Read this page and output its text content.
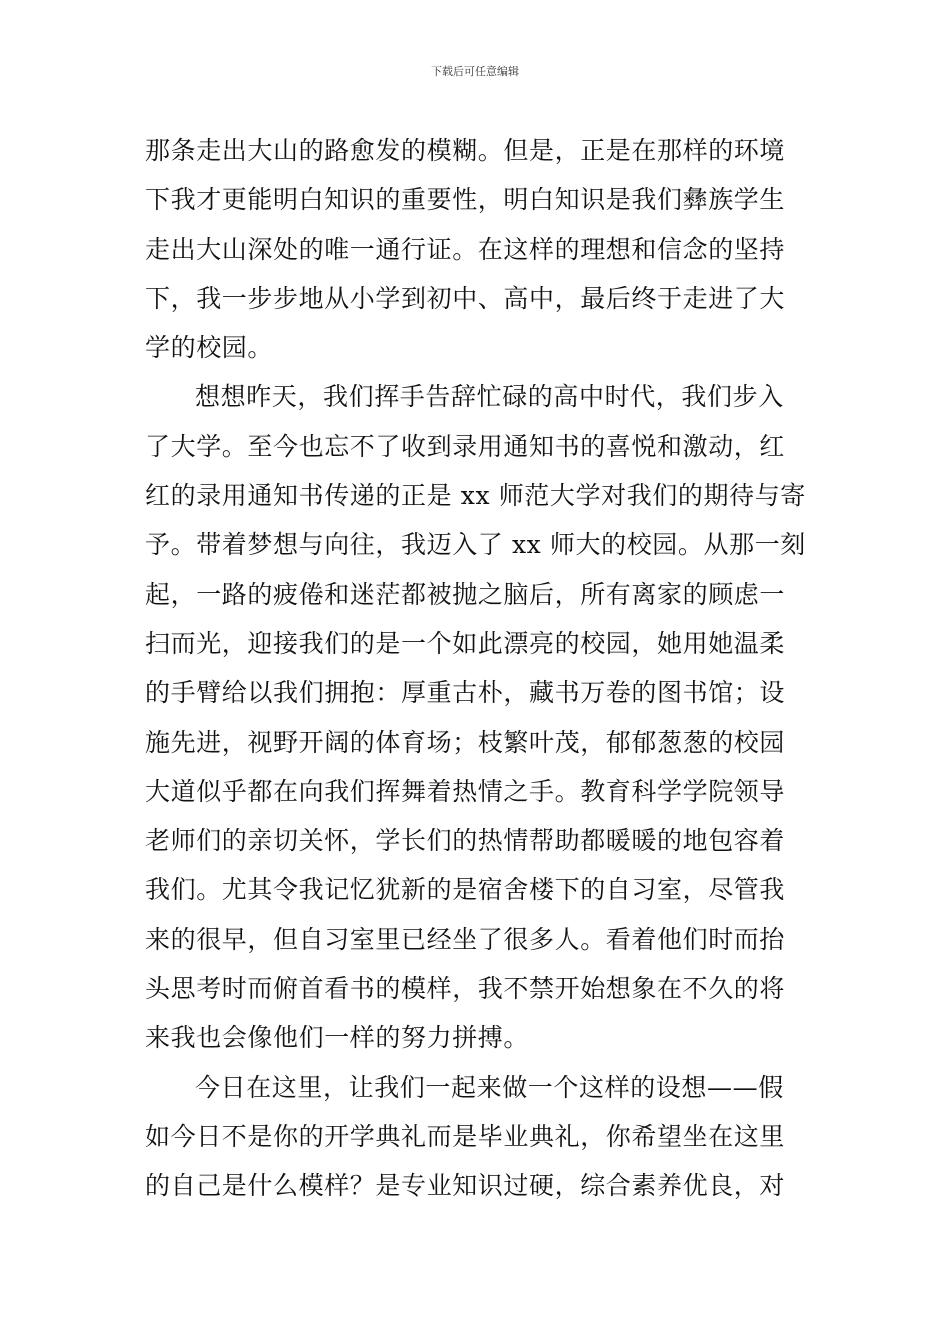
下载后可任意编辑
那条走出大山的路愈发的模糊。但是，正是在那样的环境
下我才更能明白知识的重要性，明白知识是我们彝族学生
走出大山深处的唯一通行证。在这样的理想和信念的坚持
下，我一步步地从小学到初中、高中，最后终于走进了大
学的校园。
想想昨天，我们挥手告辞忙碌的高中时代，我们步入
了大学。至今也忘不了收到录用通知书的喜悦和激动，红
红的录用通知书传递的正是 xx 师范大学对我们的期待与寄
予。带着梦想与向往，我迈入了 xx 师大的校园。从那一刻
起，一路的疲倦和迷茫都被抛之脑后，所有离家的顾虑一
扫而光，迎接我们的是一个如此漂亮的校园，她用她温柔
的手臂给以我们拥抱：厚重古朴，藏书万卷的图书馆；设
施先进，视野开阔的体育场；枝繁叶茂，郁郁葱葱的校园
大道似乎都在向我们挥舞着热情之手。教育科学学院领导
老师们的亲切关怀，学长们的热情帮助都暖暖的地包容着
我们。尤其令我记忆犹新的是宿舍楼下的自习室，尽管我
来的很早，但自习室里已经坐了很多人。看着他们时而抬
头思考时而俯首看书的模样，我不禁开始想象在不久的将
来我也会像他们一样的努力拼搏。
今日在这里，让我们一起来做一个这样的设想——假
如今日不是你的开学典礼而是毕业典礼，你希望坐在这里
的自己是什么模样？是专业知识过硬，综合素养优良，对
